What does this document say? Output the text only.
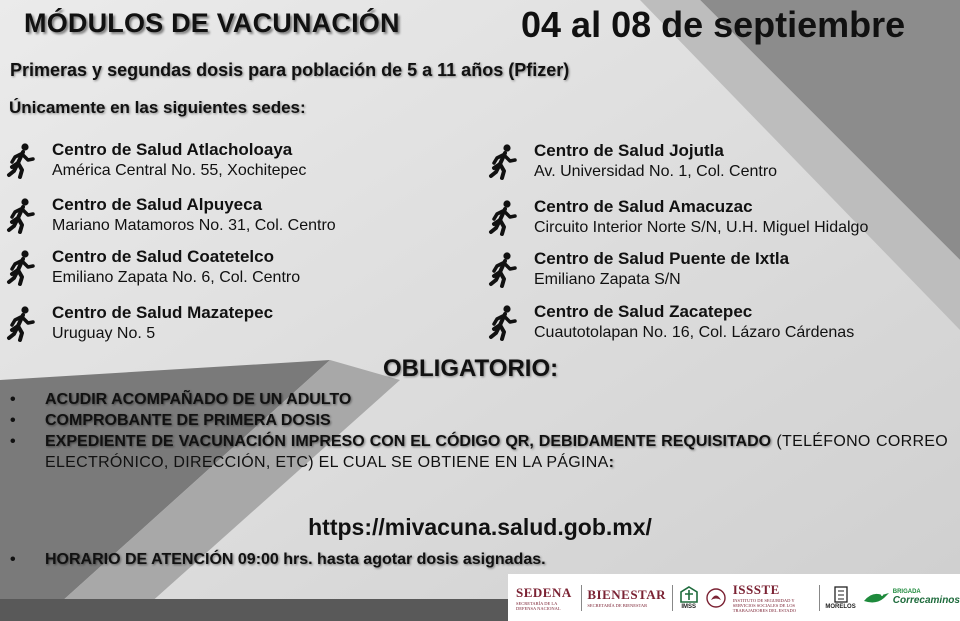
MÓDULOS DE VACUNACIÓN	04 al 08 de septiembre
Primeras y segundas dosis para población de 5 a 11 años (Pfizer)
Únicamente en las siguientes sedes:
Centro de Salud Atlacholoaya
América Central No. 55, Xochitepec
Centro de Salud Alpuyeca
Mariano Matamoros No. 31, Col. Centro
Centro de Salud Coatetelco
Emiliano Zapata No. 6, Col. Centro
Centro de Salud Mazatepec
Uruguay No. 5
Centro de Salud Jojutla
Av. Universidad No. 1, Col. Centro
Centro de Salud Amacuzac
Circuito Interior Norte S/N, U.H. Miguel Hidalgo
Centro de Salud Puente de Ixtla
Emiliano Zapata S/N
Centro de Salud Zacatepec
Cuautotolapan No. 16, Col. Lázaro Cárdenas
OBLIGATORIO:
•	ACUDIR ACOMPAÑADO DE UN ADULTO
•	COMPROBANTE DE PRIMERA DOSIS
•	EXPEDIENTE DE VACUNACIÓN IMPRESO CON EL CÓDIGO QR, DEBIDAMENTE REQUISITADO (TELÉFONO CORREO ELECTRÓNICO, DIRECCIÓN, ETC) EL CUAL SE OBTIENE EN LA PÁGINA:
https://mivacuna.salud.gob.mx/
•	HORARIO DE ATENCIÓN 09:00 hrs. hasta agotar dosis asignadas.
SEDENA
SECRETARÍA DE LA DEFENSA NACIONAL
BIENESTAR
SECRETARÍA DE BIENESTAR	IMSS
ISSSTE
INSTITUTO DE SEGURIDAD Y SERVICIOS SOCIALES DE LOS TRABAJADORES DEL ESTADO
MORELOS
BRIGADA
Correcaminos
